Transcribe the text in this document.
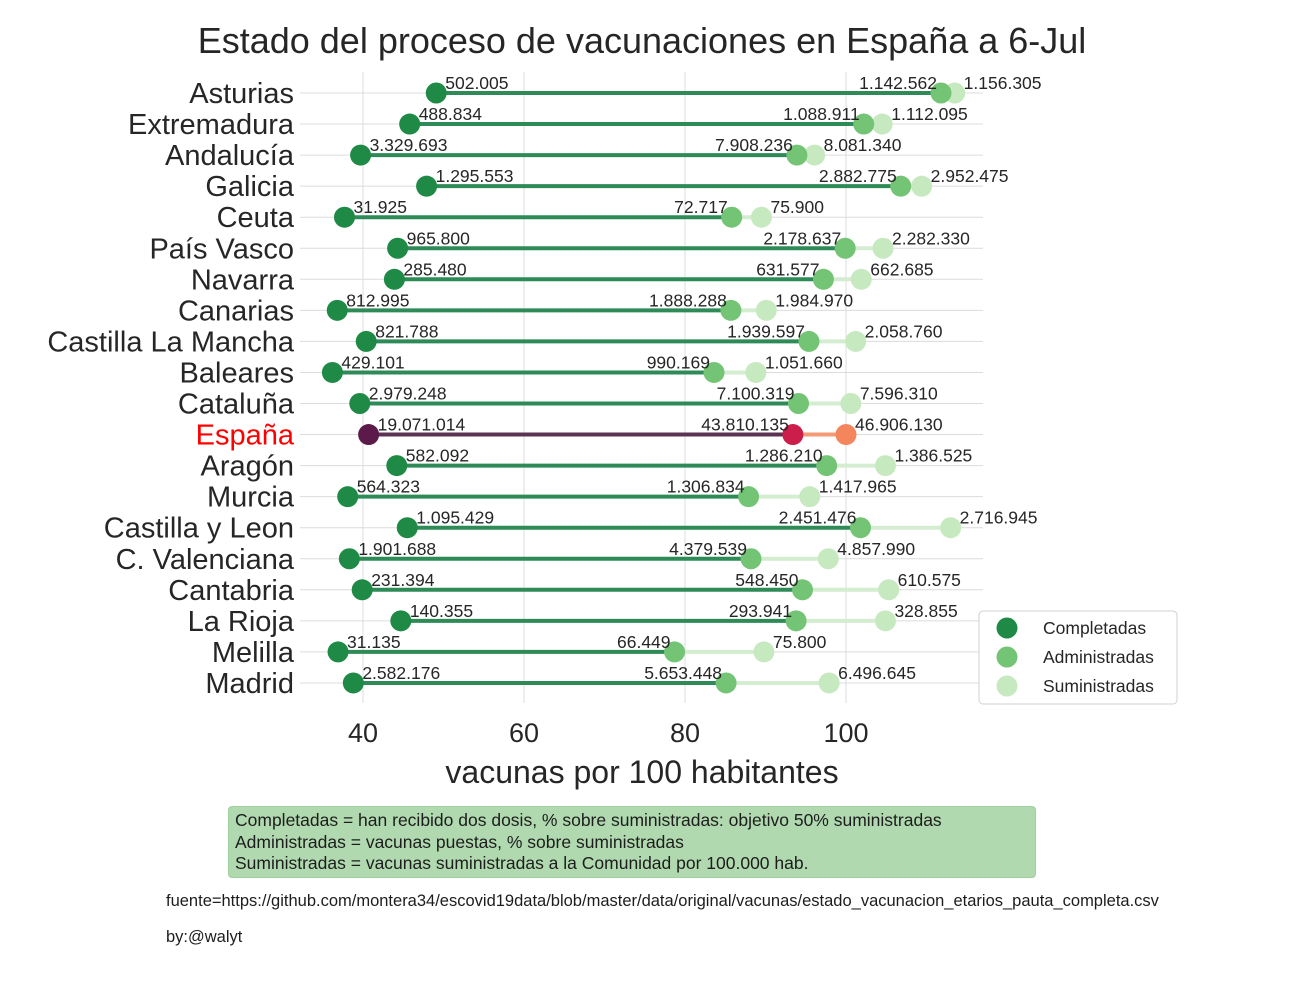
Estado del proceso de vacunaciones en España a 6-Jul
502.005	1.142.562 1.156.305
488.834	1.088.911 1.112.095
3.329.693	7.908.236 8.081.340
1.295.553	2.882.775 2.952.475
31.925	72.717 75.900
965.800	2.178.637	2.282.330
285.480	631.577	662.685
812.995	1.888.288	1.984.970
821.788	1.939.597	2.058.760
429.101	990.169	1.051.660
2.979.248	7.100.319	7.596.310
19.071.014	43.810.135	46.906.130
582.092	1.286.210	1.386.525
564.323	1.306.834	1.417.965
1.095.429	2.451.476	2.716.945
1.901.688	4.379.539	4.857.990
231.394	548.450	610.575
140.355	293.941	328.855
31.135	66.449	75.800
2.582.176	5.653.448	6.496.645
Asturias
Extremadura
Andalucía
Galicia
Ceuta
País Vasco
Navarra
Canarias
Castilla La Mancha
Baleares
Cataluña
España
Aragón
Murcia
Castilla y Leon
C. Valenciana
Cantabria
La Rioja
Melilla
Madrid
40	60	80	100
vacunas por 100 habitantes
Completadas
Administradas
Suministradas
Completadas = han recibido dos dosis, % sobre suministradas: objetivo 50% suministradas
Administradas = vacunas puestas, % sobre suministradas
Suministradas = vacunas suministradas a la Comunidad por 100.000 hab.
fuente=https://github.com/montera34/escovid19data/blob/master/data/original/vacunas/estado_vacunacion_etarios_pauta_completa.csv
by:@walyt
